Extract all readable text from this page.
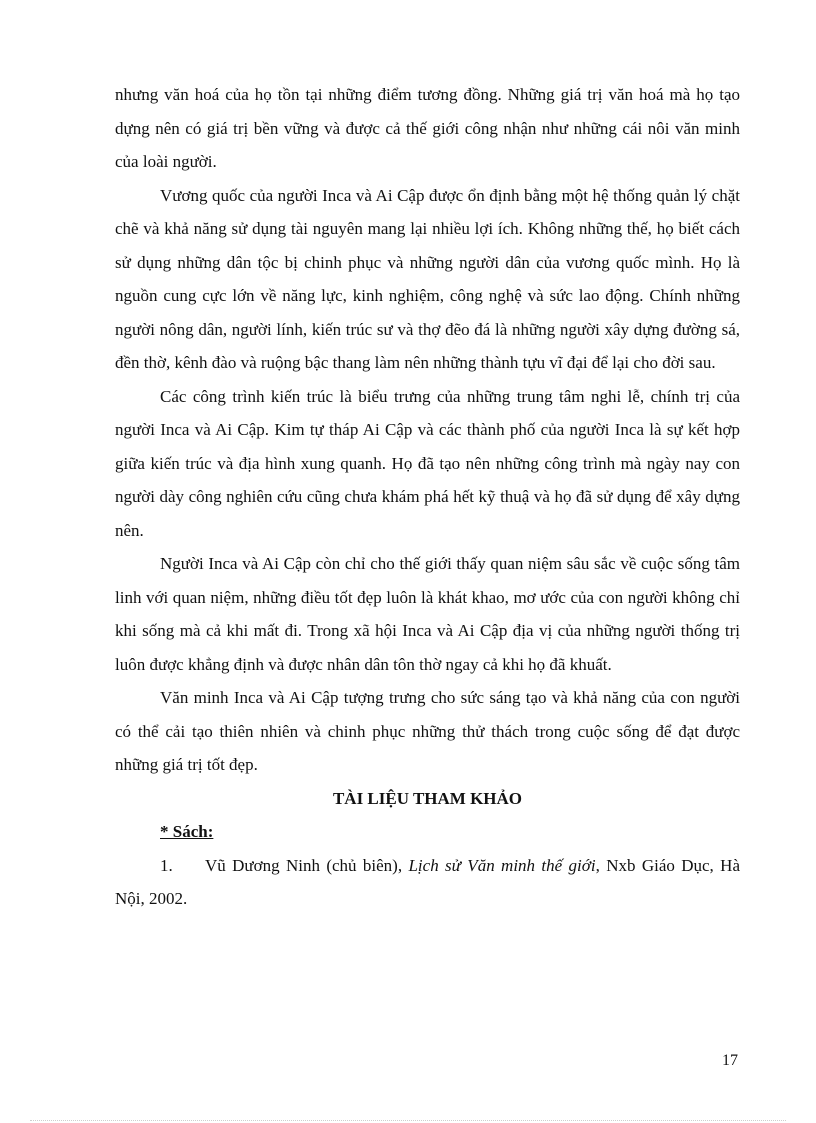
nhưng văn hoá của họ tồn tại những điểm tương đồng. Những giá trị văn hoá mà họ tạo dựng nên có giá trị bền vững và được cả thế giới công nhận như những cái nôi văn minh của loài người.

Vương quốc của người Inca và Ai Cập được ổn định bằng một hệ thống quản lý chặt chẽ và khả năng sử dụng tài nguyên mang lại nhiều lợi ích. Không những thế, họ biết cách sử dụng những dân tộc bị chinh phục và những người dân của vương quốc mình. Họ là nguồn cung cực lớn về năng lực, kinh nghiệm, công nghệ và sức lao động. Chính những người nông dân, người lính, kiến trúc sư và thợ đẽo đá là những người xây dựng đường sá, đền thờ, kênh đào và ruộng bậc thang làm nên những thành tựu vĩ đại để lại cho đời sau.

Các công trình kiến trúc là biểu trưng của những trung tâm nghi lễ, chính trị của người Inca và Ai Cập. Kim tự tháp Ai Cập và các thành phố của người Inca là sự kết hợp giữa kiến trúc và địa hình xung quanh. Họ đã tạo nên những công trình mà ngày nay con người dày công nghiên cứu cũng chưa khám phá hết kỹ thuậ và họ đã sử dụng để xây dựng nên.

Người Inca và Ai Cập còn chỉ cho thế giới thấy quan niệm sâu sắc về cuộc sống tâm linh với quan niệm, những điều tốt đẹp luôn là khát khao, mơ ước của con người không chỉ khi sống mà cả khi mất đi. Trong xã hội Inca và Ai Cập địa vị của những người thống trị luôn được khẳng định và được nhân dân tôn thờ ngay cả khi họ đã khuất.

Văn minh Inca và Ai Cập tượng trưng cho sức sáng tạo và khả năng của con người có thể cải tạo thiên nhiên và chinh phục những thử thách trong cuộc sống để đạt được những giá trị tốt đẹp.

TÀI LIỆU THAM KHẢO

* Sách:

1. Vũ Dương Ninh (chủ biên), Lịch sử Văn minh thế giới, Nxb Giáo Dục, Hà Nội, 2002.

17
